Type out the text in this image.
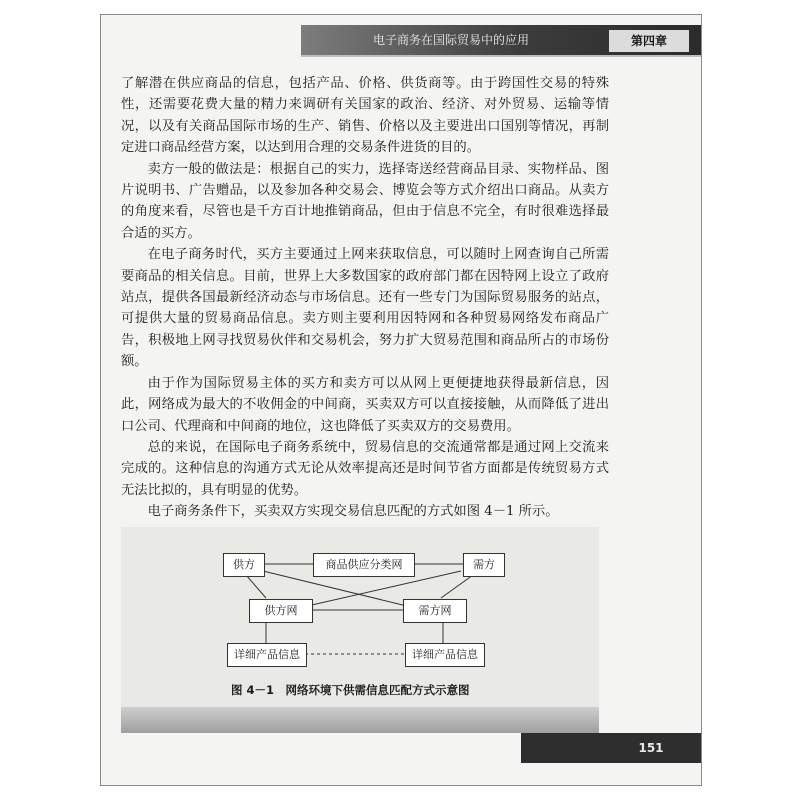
电子商务在国际贸易中的应用	第四章

了解潜在供应商品的信息，包括产品、价格、供货商等。由于跨国性交易的特殊性，还需要花费大量的精力来调研有关国家的政治、经济、对外贸易、运输等情况，以及有关商品国际市场的生产、销售、价格以及主要进出口国别等情况，再制定进口商品经营方案，以达到用合理的交易条件进货的目的。

卖方一般的做法是：根据自己的实力，选择寄送经营商品目录、实物样品、图片说明书、广告赠品，以及参加各种交易会、博览会等方式介绍出口商品。从卖方的角度来看，尽管也是千方百计地推销商品，但由于信息不完全，有时很难选择最合适的买方。

在电子商务时代，买方主要通过上网来获取信息，可以随时上网查询自己所需要商品的相关信息。目前，世界上大多数国家的政府部门都在因特网上设立了政府站点，提供各国最新经济动态与市场信息。还有一些专门为国际贸易服务的站点，可提供大量的贸易商品信息。卖方则主要利用因特网和各种贸易网络发布商品广告，积极地上网寻找贸易伙伴和交易机会，努力扩大贸易范围和商品所占的市场份额。

由于作为国际贸易主体的买方和卖方可以从网上更便捷地获得最新信息，因此，网络成为最大的不收佣金的中间商，买卖双方可以直接接触，从而降低了进出口公司、代理商和中间商的地位，这也降低了买卖双方的交易费用。

总的来说，在国际电子商务系统中，贸易信息的交流通常都是通过网上交流来完成的。这种信息的沟通方式无论从效率提高还是时间节省方面都是传统贸易方式无法比拟的，具有明显的优势。

电子商务条件下，买卖双方实现交易信息匹配的方式如图 4－1 所示。

供方	商品供应分类网	需方
供方网	需方网
详细产品信息	详细产品信息
图 4－1　网络环境下供需信息匹配方式示意图
151
